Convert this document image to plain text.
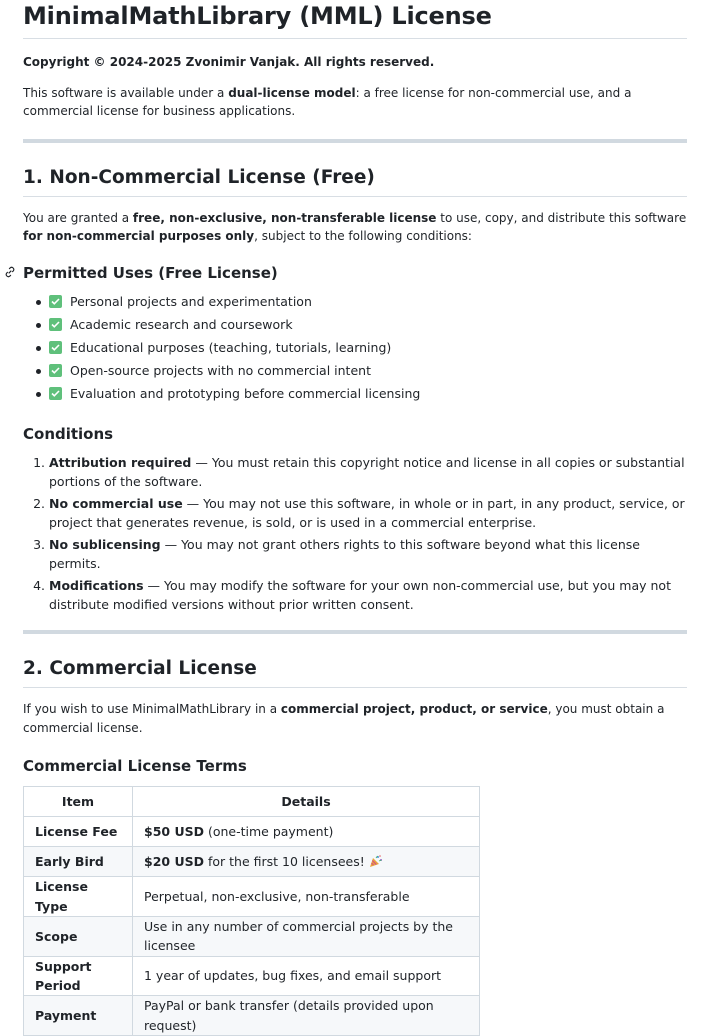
MinimalMathLibrary (MML) License

Copyright © 2024-2025 Zvonimir Vanjak. All rights reserved.

This software is available under a dual-license model: a free license for non-commercial use, and a commercial license for business applications.

1. Non-Commercial License (Free)

You are granted a free, non-exclusive, non-transferable license to use, copy, and distribute this software for non-commercial purposes only, subject to the following conditions:

Permitted Uses (Free License)
Personal projects and experimentation
Academic research and coursework
Educational purposes (teaching, tutorials, learning)
Open-source projects with no commercial intent
Evaluation and prototyping before commercial licensing
Conditions
1. Attribution required — You must retain this copyright notice and license in all copies or substantial portions of the software.
2. No commercial use — You may not use this software, in whole or in part, in any product, service, or project that generates revenue, is sold, or is used in a commercial enterprise.
3. No sublicensing — You may not grant others rights to this software beyond what this license permits.
4. Modifications — You may modify the software for your own non-commercial use, but you may not distribute modified versions without prior written consent.
2. Commercial License

If you wish to use MinimalMathLibrary in a commercial project, product, or service, you must obtain a commercial license.

Commercial License Terms
Item	Details
License Fee	$50 USD (one-time payment)
Early Bird	$20 USD for the first 10 licensees!
License Type	Perpetual, non-exclusive, non-transferable
Scope	Use in any number of commercial projects by the licensee
Support Period	1 year of updates, bug fixes, and email support
Payment	PayPal or bank transfer (details provided upon request)
